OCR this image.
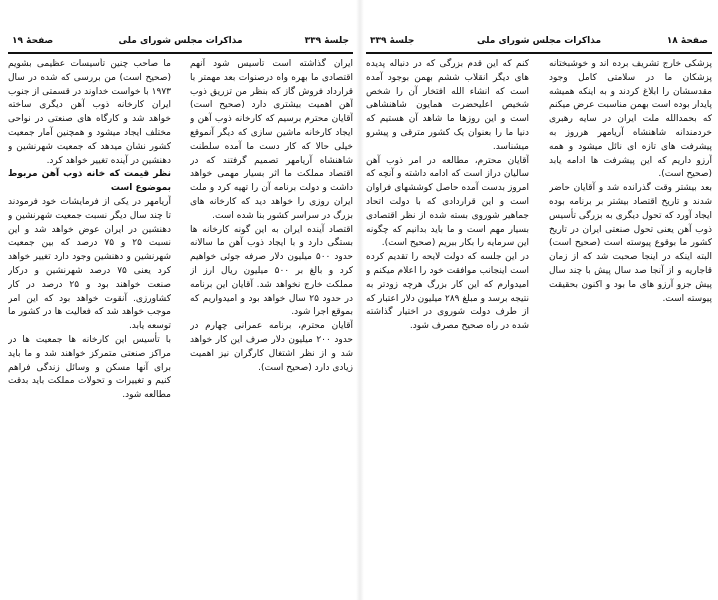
جلسهٔ ۳۳۹
مذاکرات مجلس شورای ملی
صفحهٔ ۱۹

ایران گذاشته است تأسیس شود آنهم اقتصادی ما بهره واه درصنوات بعد مهمتر با قرارداد فروش گاز که بنظر من تزریق ذوب آهن اهمیت بیشتری دارد (صحیح است) آقایان محترم برسیم که کارخانه ذوب آهن و ایجاد کارخانه ماشین سازی که دیگر آنموقع خیلی حالا که کار دست ما آمده سلطنت شاهنشاه آریامهر تصمیم گرفتند که در اقتصاد مملکت ما اثر بسیار مهمی خواهد داشت و دولت برنامه آن را تهیه کرد و ملت ایران روزی را خواهد دید که کارخانه های بزرگ در سراسر کشور بنا شده است.

اقتصاد آینده ایران به این گونه کارخانه ها بستگی دارد و با ایجاد ذوب آهن ما سالانه حدود ۵۰۰ میلیون دلار صرفه جوئی خواهیم کرد و بالغ بر ۵۰۰ میلیون ریال ارز از مملکت خارج نخواهد شد. آقایان این برنامه در حدود ۲۵ سال خواهد بود و امیدواریم که بموقع اجرا شود.

آقایان محترم، برنامه عمرانی چهارم در حدود ۲۰۰ میلیون دلار صرف این کار خواهد شد و از نظر اشتغال کارگران نیز اهمیت زیادی دارد (صحیح است).

ما صاحب چنین تأسیسات عظیمی بشویم (صحیح است) من بررسی که شده در سال ۱۹۷۳ با خواست خداوند در قسمتی از جنوب ایران کارخانه ذوب آهن دیگری ساخته خواهد شد و کارگاه های صنعتی در نواحی مختلف ایجاد میشود و همچنین آمار جمعیت کشور نشان میدهد که جمعیت شهرنشین و دهنشین در آینده تغییر خواهد کرد.

نظر قیمت که خانه ذوب آهن مربوط بموضوع است

آریامهر در یکی از فرمایشات خود فرمودند تا چند سال دیگر نسبت جمعیت شهرنشین و دهنشین در ایران عوض خواهد شد و این نسبت ۲۵ و ۷۵ درصد که بین جمعیت شهرنشین و دهنشین وجود دارد تغییر خواهد کرد یعنی ۷۵ درصد شهرنشین و درکار صنعت خواهند بود و ۲۵ درصد در کار کشاورزی. آنقوت خواهد بود که این امر موجب خواهد شد که فعالیت ها در کشور ما توسعه یابد.

با تأسیس این کارخانه ها جمعیت ها در مراکز صنعتی متمرکز خواهند شد و ما باید برای آنها مسکن و وسائل زندگی فراهم کنیم و تغییرات و تحولات مملکت باید بدقت مطالعه شود.

صفحهٔ ۱۸
مذاکرات مجلس شورای ملی
جلسهٔ ۳۳۹

پزشکی خارج تشریف برده اند و خوشبختانه پزشکان ما در سلامتی کامل وجود مقدسشان را ابلاغ کردند و به اینکه همیشه پایدار بوده است بهمن مناسبت عرض میکنم که بحمدالله ملت ایران در سایه رهبری خردمندانه شاهنشاه آریامهر هرروز به پیشرفت های تازه ای نائل میشود و همه آرزو داریم که این پیشرفت ها ادامه یابد (صحیح است).

بعد بیشتر وقت گذرانده شد و آقایان حاضر شدند و تاریخ اقتصاد بیشتر بر برنامه بوده ایجاد آورد که تحول دیگری به بزرگی تأسیس ذوب آهن یعنی تحول صنعتی ایران در تاریخ کشور ما بوقوع پیوسته است (صحیح است) البته اینکه در اینجا صحبت شد که از زمان قاجاریه و از آنجا صد سال پیش با چند سال پیش جزو آرزو های ما بود و اکنون بحقیقت پیوسته است.

کنم که این قدم بزرگی که در دنباله پدیده های دیگر انقلاب ششم بهمن بوجود آمده است که انشاء الله افتخار آن را شخص شخیص اعلیحضرت همایون شاهنشاهی است و این روزها ما شاهد آن هستیم که دنیا ما را بعنوان یک کشور مترقی و پیشرو میشناسد.

آقایان محترم، مطالعه در امر ذوب آهن سالیان دراز است که ادامه داشته و آنچه که امروز بدست آمده حاصل کوششهای فراوان است و این قراردادی که با دولت اتحاد جماهیر شوروی بسته شده از نظر اقتصادی بسیار مهم است و ما باید بدانیم که چگونه این سرمایه را بکار ببریم (صحیح است).

در این جلسه که دولت لایحه را تقدیم کرده است اینجانب موافقت خود را اعلام میکنم و امیدوارم که این کار بزرگ هرچه زودتر به نتیجه برسد و مبلغ ۲۸۹ میلیون دلار اعتبار که از طرف دولت شوروی در اختیار گذاشته شده در راه صحیح مصرف شود.
